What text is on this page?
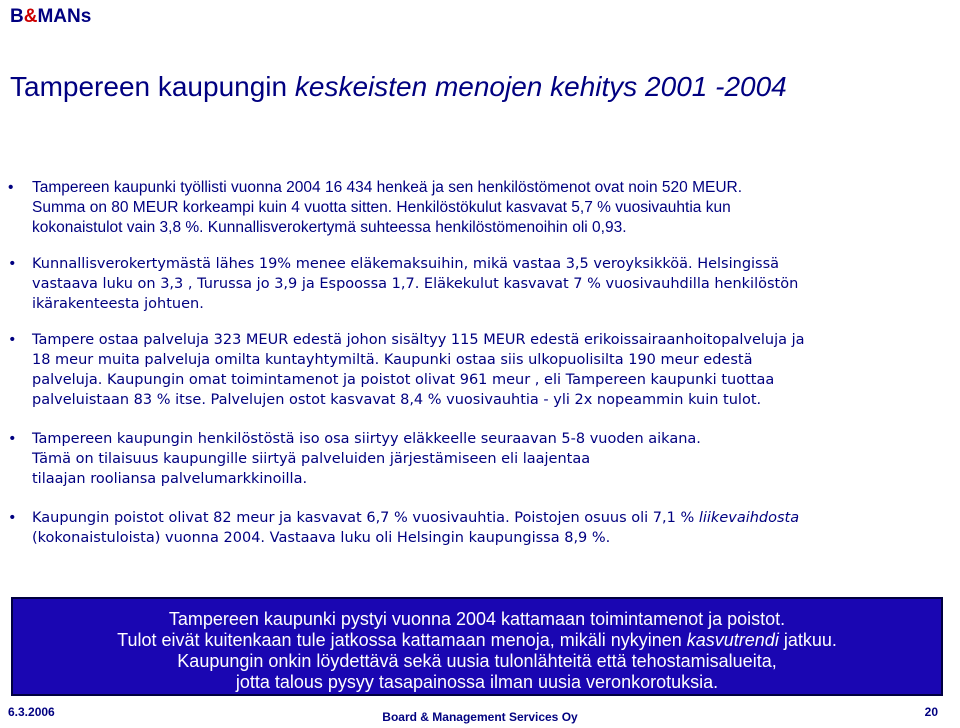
B&MANs
Tampereen kaupungin keskeisten menojen kehitys 2001 -2004
• Tampereen kaupunki työllisti vuonna 2004 16 434 henkeä ja sen henkilöstömenot ovat noin 520 MEUR.
Summa on 80 MEUR korkeampi kuin 4 vuotta sitten. Henkilöstökulut kasvavat 5,7 % vuosivauhtia kun
kokonaistulot vain 3,8 %. Kunnallisverokertymä suhteessa henkilöstömenoihin oli 0,93.
• Kunnallisverokertymästä lähes 19% menee eläkemaksuihin, mikä vastaa 3,5 veroyksikköä. Helsingissä
vastaava luku on 3,3 , Turussa jo 3,9 ja Espoossa 1,7. Eläkekulut kasvavat 7 % vuosivauhdilla henkilöstön
ikärakenteesta johtuen.
• Tampere ostaa palveluja 323 MEUR edestä johon sisältyy 115 MEUR edestä erikoissairaanhoitopalveluja ja
18 meur muita palveluja omilta kuntayhtymiltä. Kaupunki ostaa siis ulkopuolisilta 190 meur edestä
palveluja. Kaupungin omat toimintamenot ja poistot olivat 961 meur , eli Tampereen kaupunki tuottaa
palveluistaan 83 % itse. Palvelujen ostot kasvavat 8,4 % vuosivauhtia - yli 2x nopeammin kuin tulot.
• Tampereen kaupungin henkilöstöstä iso osa siirtyy eläkkeelle seuraavan 5-8 vuoden aikana.
Tämä on tilaisuus kaupungille siirtyä palveluiden järjestämiseen eli laajentaa
tilaajan rooliansa palvelumarkkinoilla.
• Kaupungin poistot olivat 82 meur ja kasvavat 6,7 % vuosivauhtia. Poistojen osuus oli 7,1 % liikevaihdosta
(kokonaistuloista) vuonna 2004. Vastaava luku oli Helsingin kaupungissa 8,9 %.
Tampereen kaupunki pystyi vuonna 2004 kattamaan toimintamenot ja poistot.
Tulot eivät kuitenkaan tule jatkossa kattamaan menoja, mikäli nykyinen kasvutrendi jatkuu.
Kaupungin onkin löydettävä sekä uusia tulonlähteitä että tehostamisalueita,
jotta talous pysyy tasapainossa ilman uusia veronkorotuksia.
6.3.2006	Board & Management Services Oy	20
